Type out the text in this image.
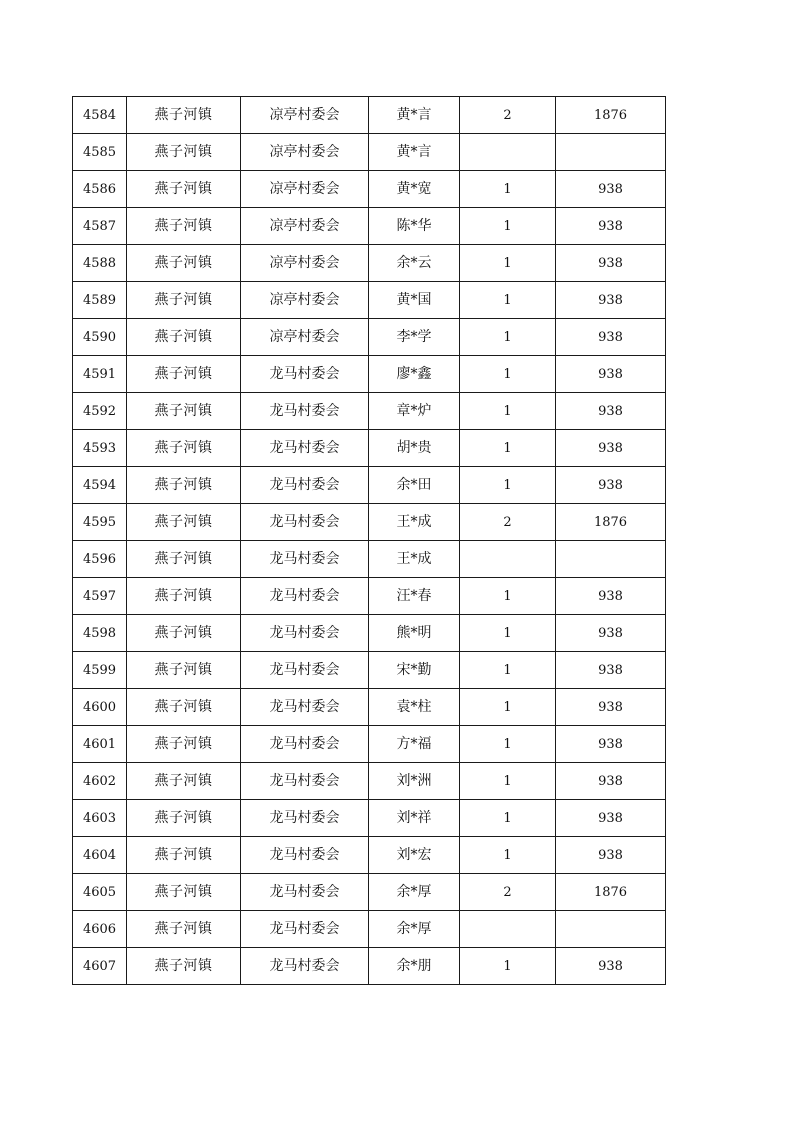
4584	燕子河镇	凉亭村委会	黄*言	2	1876
4585	燕子河镇	凉亭村委会	黄*言		
4586	燕子河镇	凉亭村委会	黄*宽	1	938
4587	燕子河镇	凉亭村委会	陈*华	1	938
4588	燕子河镇	凉亭村委会	余*云	1	938
4589	燕子河镇	凉亭村委会	黄*国	1	938
4590	燕子河镇	凉亭村委会	李*学	1	938
4591	燕子河镇	龙马村委会	廖*鑫	1	938
4592	燕子河镇	龙马村委会	章*炉	1	938
4593	燕子河镇	龙马村委会	胡*贵	1	938
4594	燕子河镇	龙马村委会	余*田	1	938
4595	燕子河镇	龙马村委会	王*成	2	1876
4596	燕子河镇	龙马村委会	王*成		
4597	燕子河镇	龙马村委会	汪*春	1	938
4598	燕子河镇	龙马村委会	熊*明	1	938
4599	燕子河镇	龙马村委会	宋*勤	1	938
4600	燕子河镇	龙马村委会	袁*柱	1	938
4601	燕子河镇	龙马村委会	方*福	1	938
4602	燕子河镇	龙马村委会	刘*洲	1	938
4603	燕子河镇	龙马村委会	刘*祥	1	938
4604	燕子河镇	龙马村委会	刘*宏	1	938
4605	燕子河镇	龙马村委会	余*厚	2	1876
4606	燕子河镇	龙马村委会	余*厚		
4607	燕子河镇	龙马村委会	余*朋	1	938
